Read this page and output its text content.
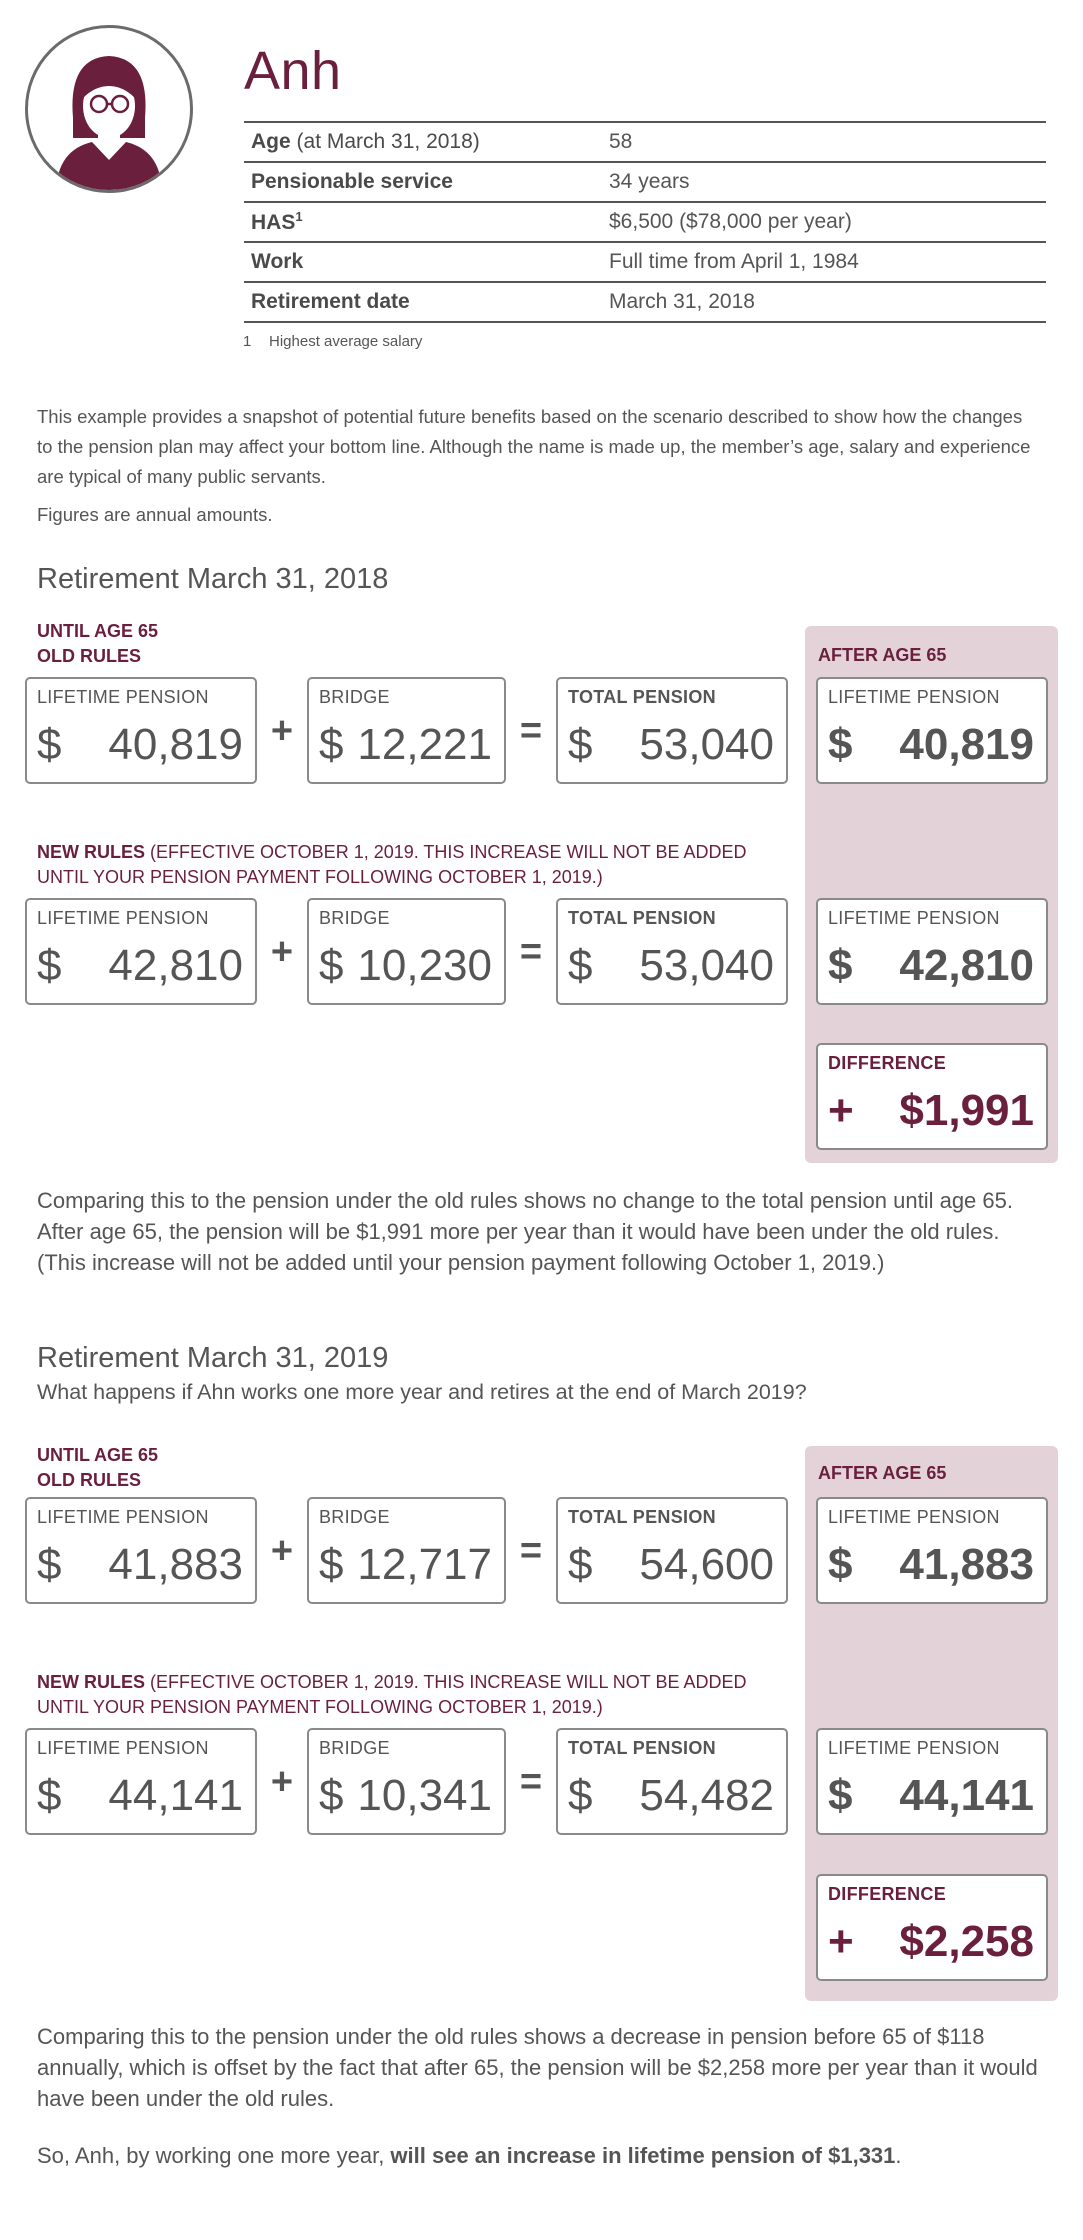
Anh
Age (at March 31, 2018)	58
Pensionable service	34 years
HAS$^1$	$6,500 ($78,000 per year)
Work	Full time from April 1, 1984
Retirement date	March 31, 2018
1 Highest average salary
This example provides a snapshot of potential future benefits based on the scenario described to show how the changes to the pension plan may affect your bottom line. Although the name is made up, the member’s age, salary and experience are typical of many public servants.
Figures are annual amounts.
Retirement March 31, 2018
AFTER AGE 65
UNTIL AGE 65
OLD RULES
LIFETIME PENSION
$ 40,819 +
BRIDGE
$ 12,221 =
TOTAL PENSION
$ 53,040
LIFETIME PENSION
$ 40,819
NEW RULES (EFFECTIVE OCTOBER 1, 2019. THIS INCREASE WILL NOT BE ADDED UNTIL YOUR PENSION PAYMENT FOLLOWING OCTOBER 1, 2019.)
LIFETIME PENSION
$ 42,810 +
BRIDGE
$ 10,230 =
TOTAL PENSION
$ 53,040
LIFETIME PENSION
$ 42,810
DIFFERENCE
+ $1,991
Comparing this to the pension under the old rules shows no change to the total pension until age 65. After age 65, the pension will be $1,991 more per year than it would have been under the old rules. (This increase will not be added until your pension payment following October 1, 2019.)
Retirement March 31, 2019
What happens if Ahn works one more year and retires at the end of March 2019?
AFTER AGE 65
UNTIL AGE 65
OLD RULES
LIFETIME PENSION
$ 41,883 +
BRIDGE
$ 12,717 =
TOTAL PENSION
$ 54,600
LIFETIME PENSION
$ 41,883
NEW RULES (EFFECTIVE OCTOBER 1, 2019. THIS INCREASE WILL NOT BE ADDED UNTIL YOUR PENSION PAYMENT FOLLOWING OCTOBER 1, 2019.)
LIFETIME PENSION
$ 44,141 +
BRIDGE
$ 10,341 =
TOTAL PENSION
$ 54,482
LIFETIME PENSION
$ 44,141
DIFFERENCE
+ $2,258
Comparing this to the pension under the old rules shows a decrease in pension before 65 of $118 annually, which is offset by the fact that after 65, the pension will be $2,258 more per year than it would have been under the old rules.
So, Anh, by working one more year, will see an increase in lifetime pension of $1,331.
